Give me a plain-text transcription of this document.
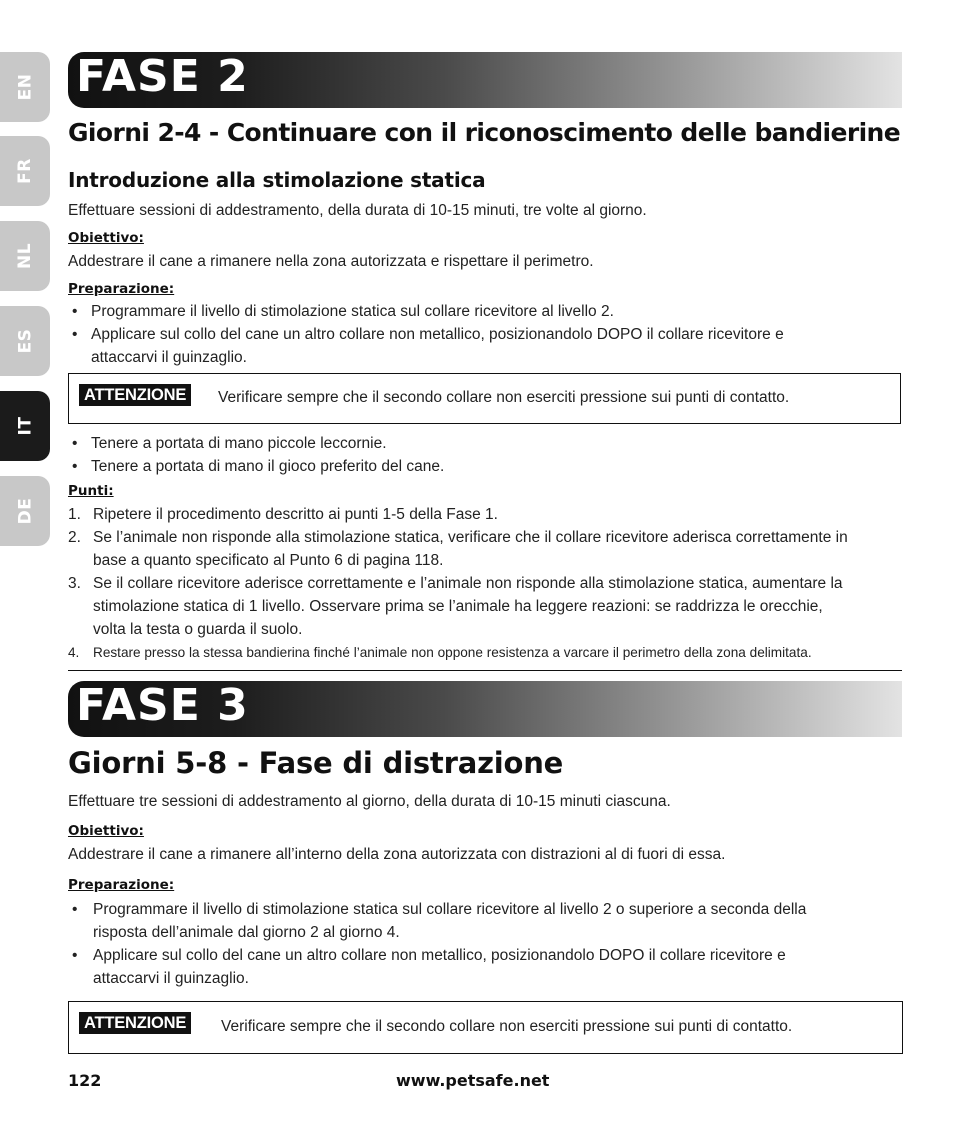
EN
FR
NL
ES
IT
DE
FASE 2
Giorni 2-4 - Continuare con il riconoscimento delle bandierine
Introduzione alla stimolazione statica
Effettuare sessioni di addestramento, della durata di 10-15 minuti, tre volte al giorno.
Obiettivo:
Addestrare il cane a rimanere nella zona autorizzata e rispettare il perimetro.
Preparazione:
• Programmare il livello di stimolazione statica sul collare ricevitore al livello 2.
• Applicare sul collo del cane un altro collare non metallico, posizionandolo DOPO il collare ricevitore e
attaccarvi il guinzaglio.
ATTENZIONE	Verificare sempre che il secondo collare non eserciti pressione sui punti di contatto.
• Tenere a portata di mano piccole leccornie.
• Tenere a portata di mano il gioco preferito del cane.
Punti:
1. Ripetere il procedimento descritto ai punti 1-5 della Fase 1.
2. Se l’animale non risponde alla stimolazione statica, verificare che il collare ricevitore aderisca correttamente in
base a quanto specificato al Punto 6 di pagina 118.
3. Se il collare ricevitore aderisce correttamente e l’animale non risponde alla stimolazione statica, aumentare la
stimolazione statica di 1 livello. Osservare prima se l’animale ha leggere reazioni: se raddrizza le orecchie,
volta la testa o guarda il suolo.
4. Restare presso la stessa bandierina finché l’animale non oppone resistenza a varcare il perimetro della zona delimitata.
FASE 3
Giorni 5-8 - Fase di distrazione
Effettuare tre sessioni di addestramento al giorno, della durata di 10-15 minuti ciascuna.
Obiettivo:
Addestrare il cane a rimanere all’interno della zona autorizzata con distrazioni al di fuori di essa.
Preparazione:
• Programmare il livello di stimolazione statica sul collare ricevitore al livello 2 o superiore a seconda della
risposta dell’animale dal giorno 2 al giorno 4.
• Applicare sul collo del cane un altro collare non metallico, posizionandolo DOPO il collare ricevitore e
attaccarvi il guinzaglio.
ATTENZIONE	Verificare sempre che il secondo collare non eserciti pressione sui punti di contatto.
122	www.petsafe.net
